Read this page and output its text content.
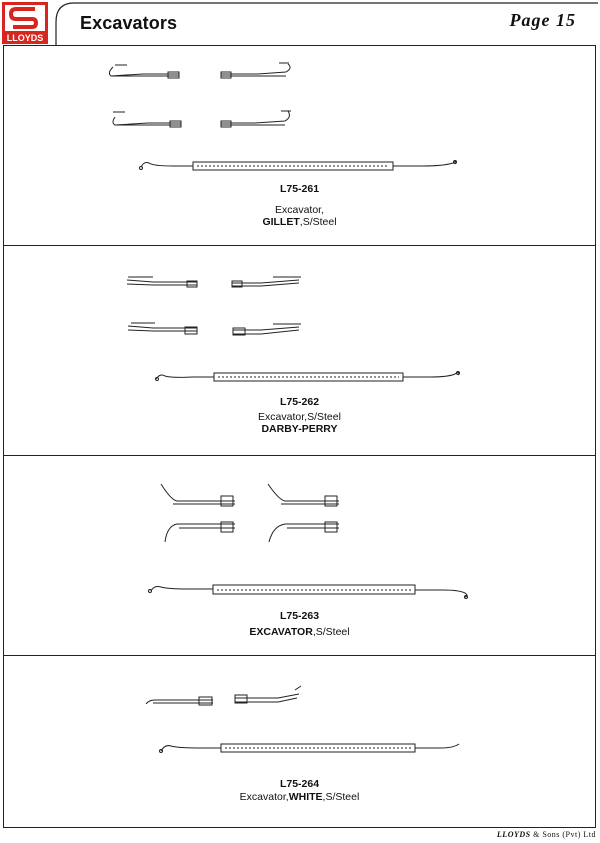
LLOYDS
Excavators	Page 15
L75-261
Excavator,
GILLET,S/Steel
L75-262
Excavator,S/Steel
DARBY-PERRY
L75-263
EXCAVATOR,S/Steel
L75-264
Excavator,WHITE,S/Steel
LLOYDS & Sons (Pvt) Ltd
